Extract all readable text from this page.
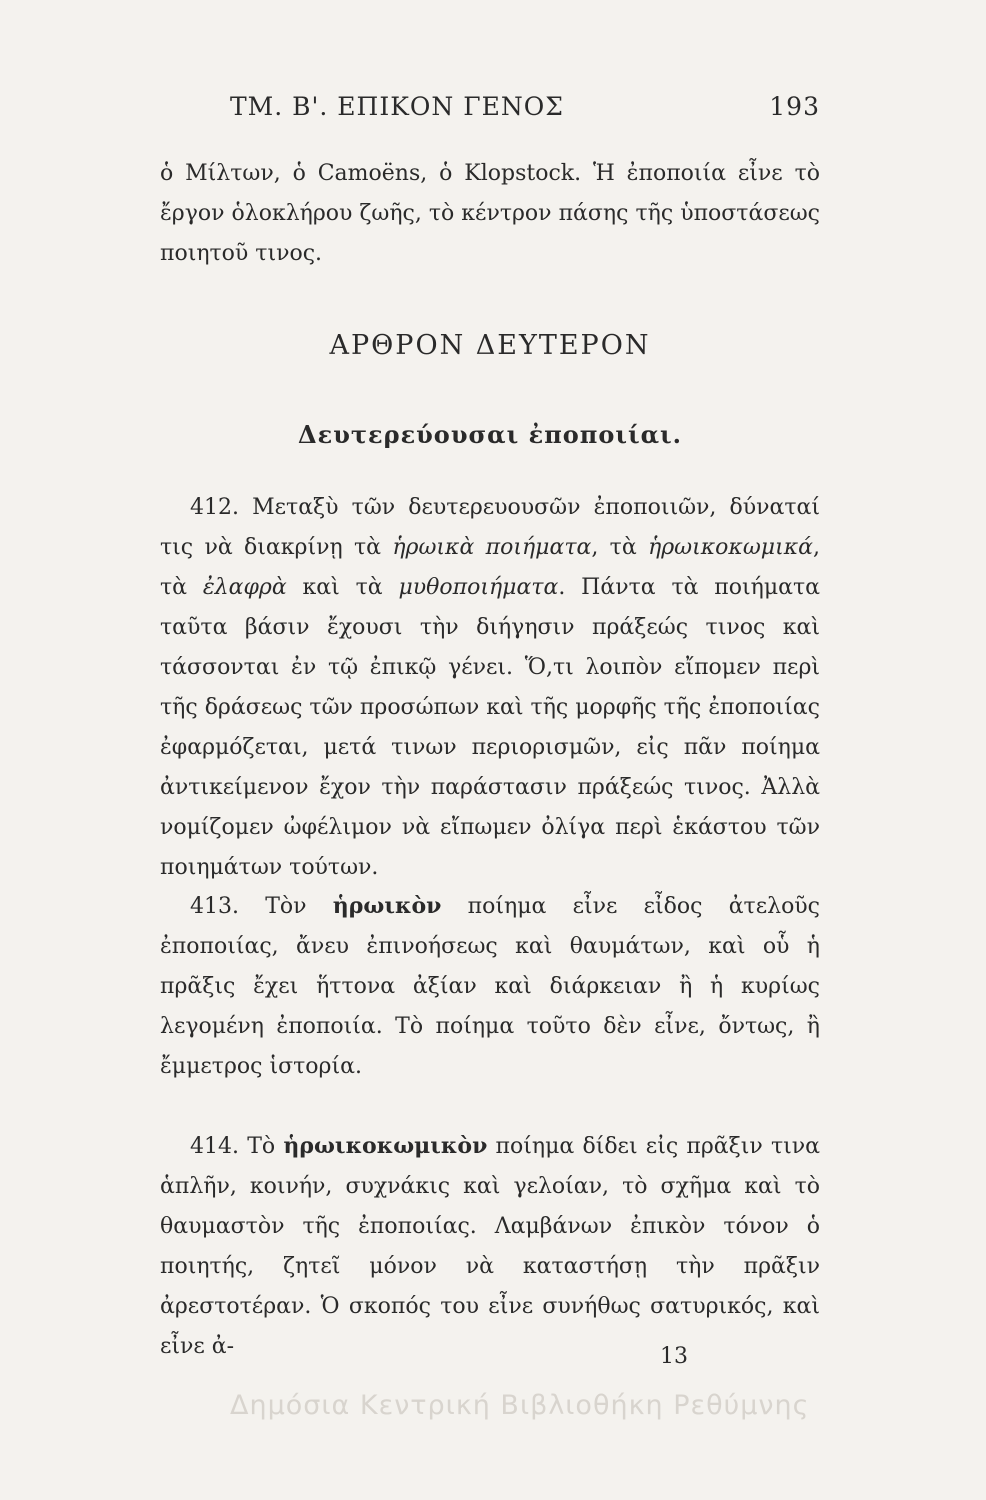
ΤΜ. Β'. ΕΠΙΚΟΝ ΓΕΝΟΣ	193

ὁ Μίλτων, ὁ Camoëns, ὁ Klopstock. Ἡ ἐποποιία εἶνε τὸ ἔργον ὁλοκλήρου ζωῆς, τὸ κέντρον πάσης τῆς ὑποστάσεως ποιητοῦ τινος.

ΑΡΘΡΟΝ ΔΕΥΤΕΡΟΝ
Δευτερεύουσαι ἐποποιίαι.

412. Μεταξὺ τῶν δευτερευουσῶν ἐποποιιῶν, δύναταί τις νὰ διακρίνῃ τὰ ἡρωικὰ ποιήματα, τὰ ἡρωικοκωμικά, τὰ ἐλαφρὰ καὶ τὰ μυθοποιήματα. Πάντα τὰ ποιήματα ταῦτα βάσιν ἔχουσι τὴν διήγησιν πράξεώς τινος καὶ τάσσονται ἐν τῷ ἐπικῷ γένει. Ὅ,τι λοιπὸν εἴπομεν περὶ τῆς δράσεως τῶν προσώπων καὶ τῆς μορφῆς τῆς ἐποποιίας ἐφαρμόζεται, μετά τινων περιορισμῶν, εἰς πᾶν ποίημα ἀντικείμενον ἔχον τὴν παράστασιν πράξεώς τινος. Ἀλλὰ νομίζομεν ὠφέλιμον νὰ εἴπωμεν ὀλίγα περὶ ἑκάστου τῶν ποιημάτων τούτων.

413. Τὸν ἡρωικὸν ποίημα εἶνε εἶδος ἀτελοῦς ἐποποιίας, ἄνευ ἐπινοήσεως καὶ θαυμάτων, καὶ οὗ ἡ πρᾶξις ἔχει ἥττονα ἀξίαν καὶ διάρκειαν ἢ ἡ κυρίως λεγομένη ἐποποιία. Τὸ ποίημα τοῦτο δὲν εἶνε, ὄντως, ἢ ἔμμετρος ἱστορία.

414. Τὸ ἡρωικοκωμικὸν ποίημα δίδει εἰς πρᾶξιν τινα ἁπλῆν, κοινήν, συχνάκις καὶ γελοίαν, τὸ σχῆμα καὶ τὸ θαυμαστὸν τῆς ἐποποιίας. Λαμβάνων ἐπικὸν τόνον ὁ ποιητής, ζητεῖ μόνον νὰ καταστήσῃ τὴν πρᾶξιν ἀρεστοτέραν. Ὁ σκοπός του εἶνε συνήθως σατυρικός, καὶ εἶνε ἀ-	13
Δημόσια Κεντρική Βιβλιοθήκη Ρεθύμνης
